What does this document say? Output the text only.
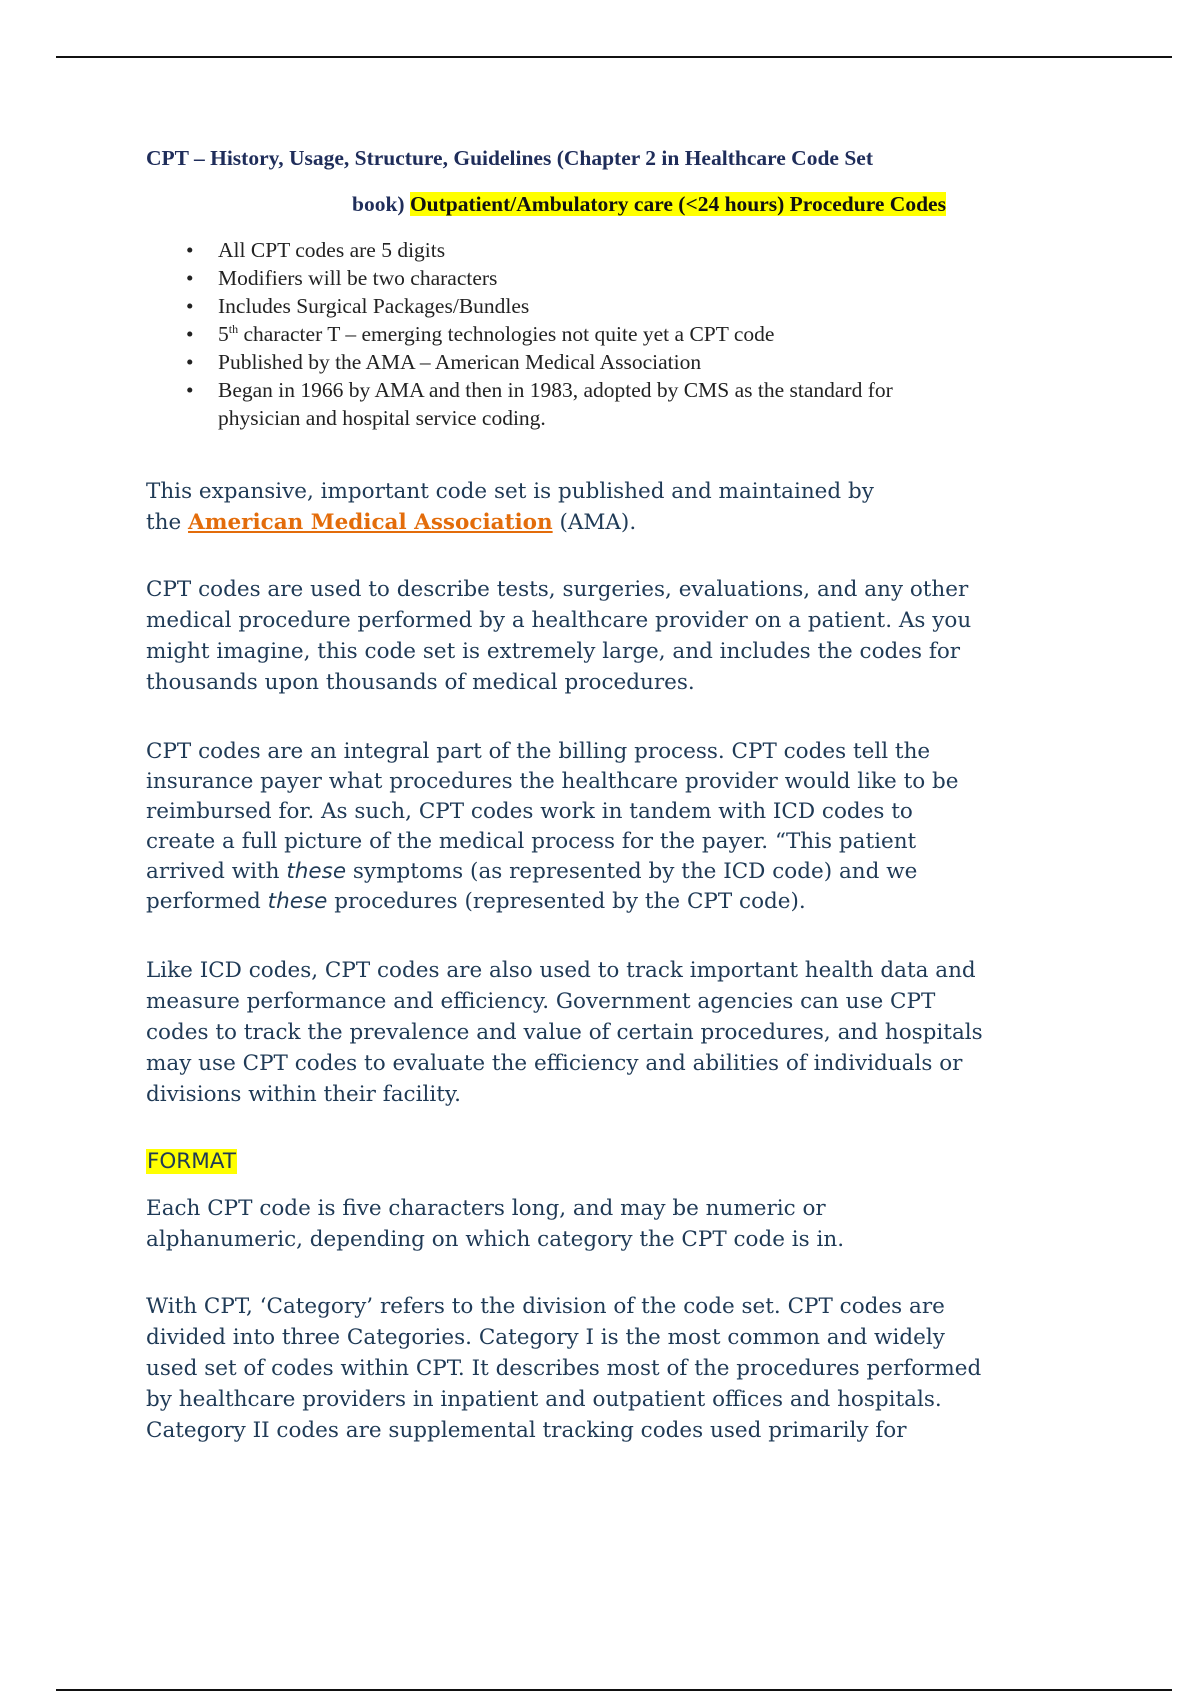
CPT – History, Usage, Structure, Guidelines (Chapter 2 in Healthcare Code Set
book) Outpatient/Ambulatory care (<24 hours) Procedure Codes
• All CPT codes are 5 digits
• Modifiers will be two characters
• Includes Surgical Packages/Bundles
• 5th character T – emerging technologies not quite yet a CPT code
• Published by the AMA – American Medical Association
• Began in 1966 by AMA and then in 1983, adopted by CMS as the standard for
physician and hospital service coding.
This expansive, important code set is published and maintained by
the American Medical Association (AMA).
CPT codes are used to describe tests, surgeries, evaluations, and any other
medical procedure performed by a healthcare provider on a patient. As you
might imagine, this code set is extremely large, and includes the codes for
thousands upon thousands of medical procedures.
CPT codes are an integral part of the billing process. CPT codes tell the
insurance payer what procedures the healthcare provider would like to be
reimbursed for. As such, CPT codes work in tandem with ICD codes to
create a full picture of the medical process for the payer. “This patient
arrived with these symptoms (as represented by the ICD code) and we
performed these procedures (represented by the CPT code).
Like ICD codes, CPT codes are also used to track important health data and
measure performance and efficiency. Government agencies can use CPT
codes to track the prevalence and value of certain procedures, and hospitals
may use CPT codes to evaluate the efficiency and abilities of individuals or
divisions within their facility.
FORMAT
Each CPT code is five characters long, and may be numeric or
alphanumeric, depending on which category the CPT code is in.
With CPT, ‘Category’ refers to the division of the code set. CPT codes are
divided into three Categories. Category I is the most common and widely
used set of codes within CPT. It describes most of the procedures performed
by healthcare providers in inpatient and outpatient offices and hospitals.
Category II codes are supplemental tracking codes used primarily for
